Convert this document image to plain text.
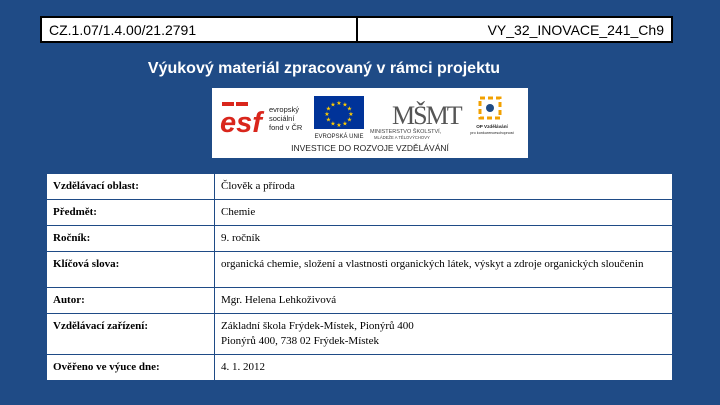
CZ.1.07/1.4.00/21.2791	VY_32_INOVACE_241_Ch9
Výukový materiál zpracovaný v rámci projektu
esf evropský
sociální
fond v ČR
★ ★
★
★
★
★
★
★
★
★
★
★
EVROPSKÁ UNIE
MŠMT
MINISTERSTVO ŠKOLSTVÍ,
MLÁDEŽE A TĚLOVÝCHOVY
OP Vzdělávání
pro konkurenceschopnost
INVESTICE DO ROZVOJE VZDĚLÁVÁNÍ
Vzdělávací oblast:	Člověk a příroda
Předmět:	Chemie
Ročník:	9. ročník
Klíčová slova:	organická chemie, složení a vlastnosti organických látek, výskyt a zdroje organických sloučenin
Autor:	Mgr. Helena Lehkoživová
Vzdělávací zařízení:	Základní škola Frýdek-Místek, Pionýrů 400
Pionýrů 400, 738 02 Frýdek-Místek

Ověřeno ve výuce dne:	4. 1. 2012
